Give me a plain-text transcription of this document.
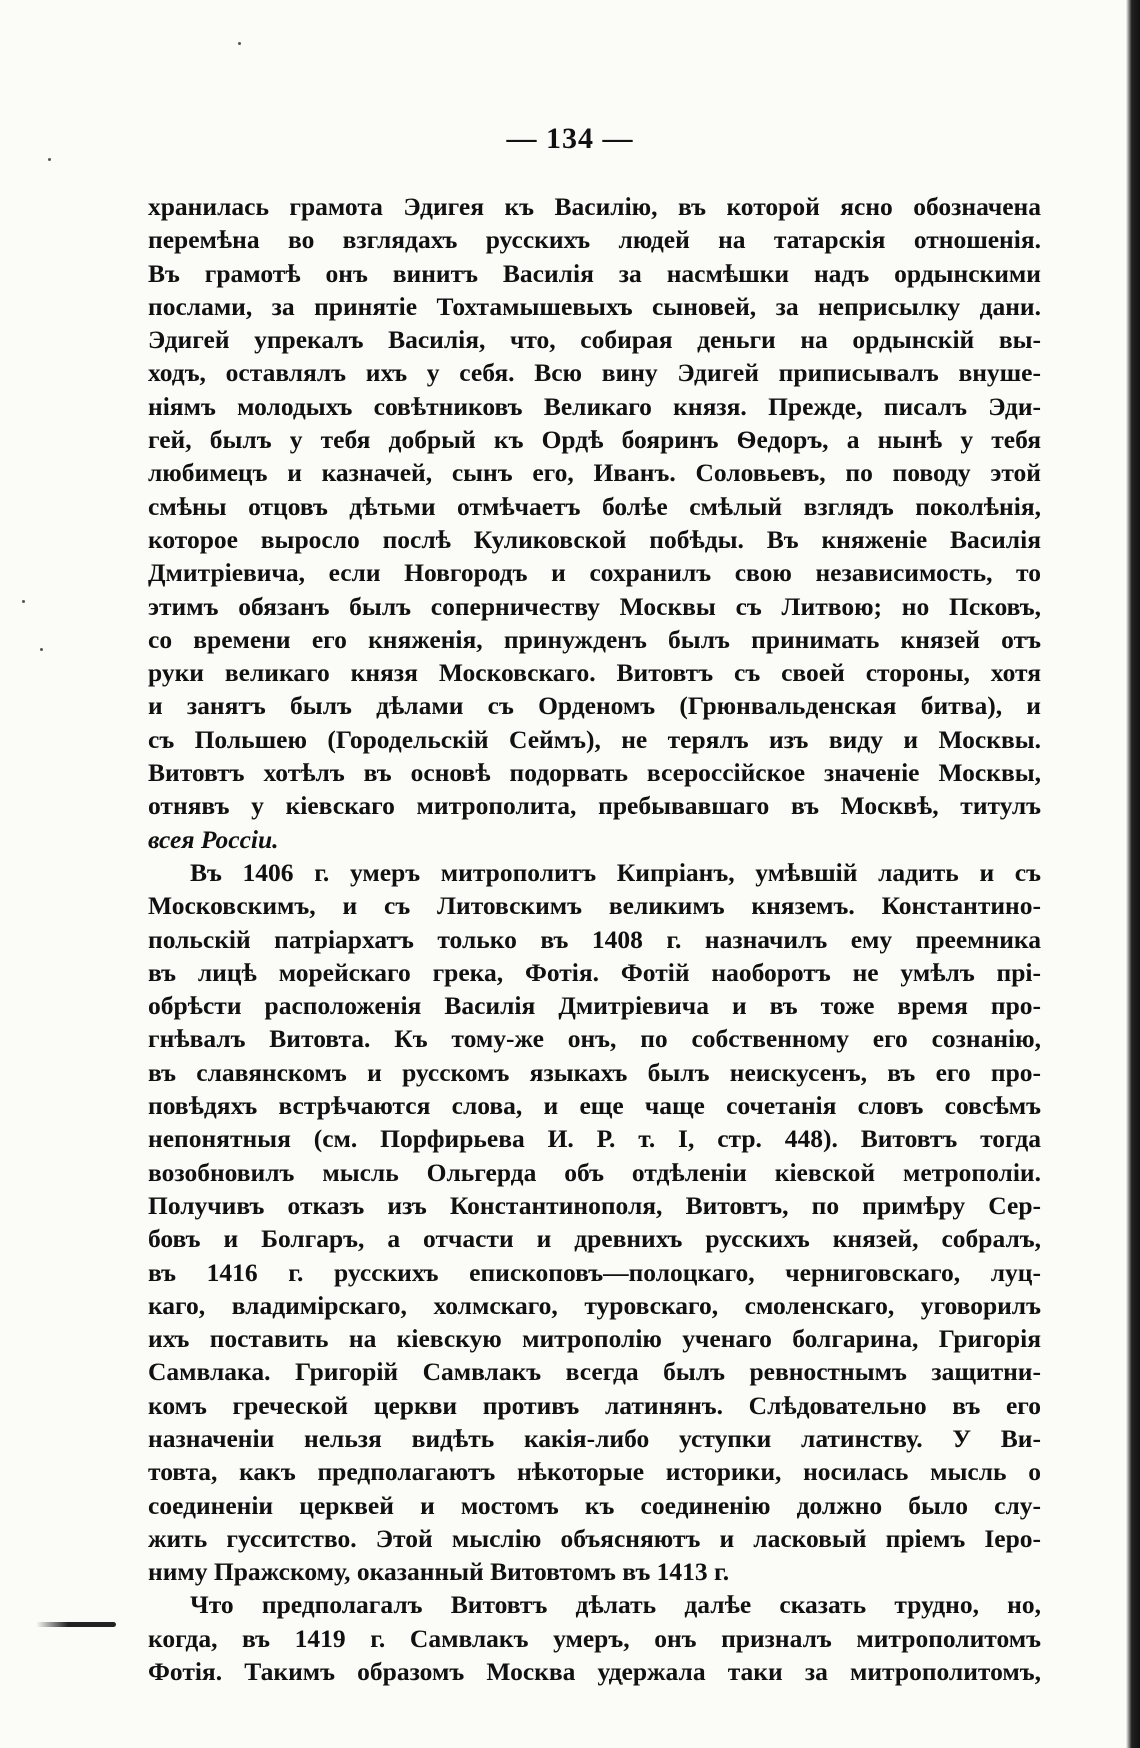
— 134 —
хранилась грамота Эдигея къ Василію, въ которой ясно обозначена
перемѣна во взглядахъ русскихъ людей на татарскія отношенія.
Въ грамотѣ онъ винитъ Василія за насмѣшки надъ ордынскими
послами, за принятіе Тохтамышевыхъ сыновей, за неприсылку дани.
Эдигей упрекалъ Василія, что, собирая деньги на ордынскій вы-
ходъ, оставлялъ ихъ у себя. Всю вину Эдигей приписывалъ внуше-
ніямъ молодыхъ совѣтниковъ Великаго князя. Прежде, писалъ Эди-
гей, былъ у тебя добрый къ Ордѣ бояринъ Ѳедоръ, а нынѣ у тебя
любимецъ и казначей, сынъ его, Иванъ. Соловьевъ, по поводу этой
смѣны отцовъ дѣтьми отмѣчаетъ болѣе смѣлый взглядъ поколѣнія,
которое выросло послѣ Куликовской побѣды. Въ княженіе Василія
Дмитріевича, если Новгородъ и сохранилъ свою независимость, то
этимъ обязанъ былъ соперничеству Москвы съ Литвою; но Псковъ,
со времени его княженія, принужденъ былъ принимать князей отъ
руки великаго князя Московскаго. Витовтъ съ своей стороны, хотя
и занятъ былъ дѣлами съ Орденомъ (Грюнвальденская битва), и
съ Польшею (Городельскій Сеймъ), не терялъ изъ виду и Москвы.
Витовтъ хотѣлъ въ основѣ подорвать всероссійское значеніе Москвы,
отнявъ у кіевскаго митрополита, пребывавшаго въ Москвѣ, титулъ
всея Россіи.
Въ 1406 г. умеръ митрополитъ Кипріанъ, умѣвшій ладить и съ
Московскимъ, и съ Литовскимъ великимъ княземъ. Константино-
польскій патріархатъ только въ 1408 г. назначилъ ему преемника
въ лицѣ морейскаго грека, Фотія. Фотій наоборотъ не умѣлъ прі-
обрѣсти расположенія Василія Дмитріевича и въ тоже время про-
гнѣвалъ Витовта. Къ тому-же онъ, по собственному его сознанію,
въ славянскомъ и русскомъ языкахъ былъ неискусенъ, въ его про-
повѣдяхъ встрѣчаются слова, и еще чаще сочетанія словъ совсѣмъ
непонятныя (см. Порфирьева И. Р. т. I, стр. 448). Витовтъ тогда
возобновилъ мысль Ольгерда объ отдѣленіи кіевской метрополіи.
Получивъ отказъ изъ Константинополя, Витовтъ, по примѣру Сер-
бовъ и Болгаръ, а отчасти и древнихъ русскихъ князей, собралъ,
въ 1416 г. русскихъ епископовъ—полоцкаго, черниговскаго, луц-
каго, владимірскаго, холмскаго, туровскаго, смоленскаго, уговорилъ
ихъ поставить на кіевскую митрополію ученаго болгарина, Григорія
Самвлака. Григорій Самвлакъ всегда былъ ревностнымъ защитни-
комъ греческой церкви противъ латинянъ. Слѣдовательно въ его
назначеніи нельзя видѣть какія-либо уступки латинству. У Ви-
товта, какъ предполагаютъ нѣкоторые историки, носилась мысль о
соединеніи церквей и мостомъ къ соединенію должно было слу-
жить гусситство. Этой мыслію объясняютъ и ласковый пріемъ Іеро-
ниму Пражскому, оказанный Витовтомъ въ 1413 г.
Что предполагалъ Витовтъ дѣлать далѣе сказать трудно, но,
когда, въ 1419 г. Самвлакъ умеръ, онъ призналъ митрополитомъ
Фотія. Такимъ образомъ Москва удержала таки за митрополитомъ,
